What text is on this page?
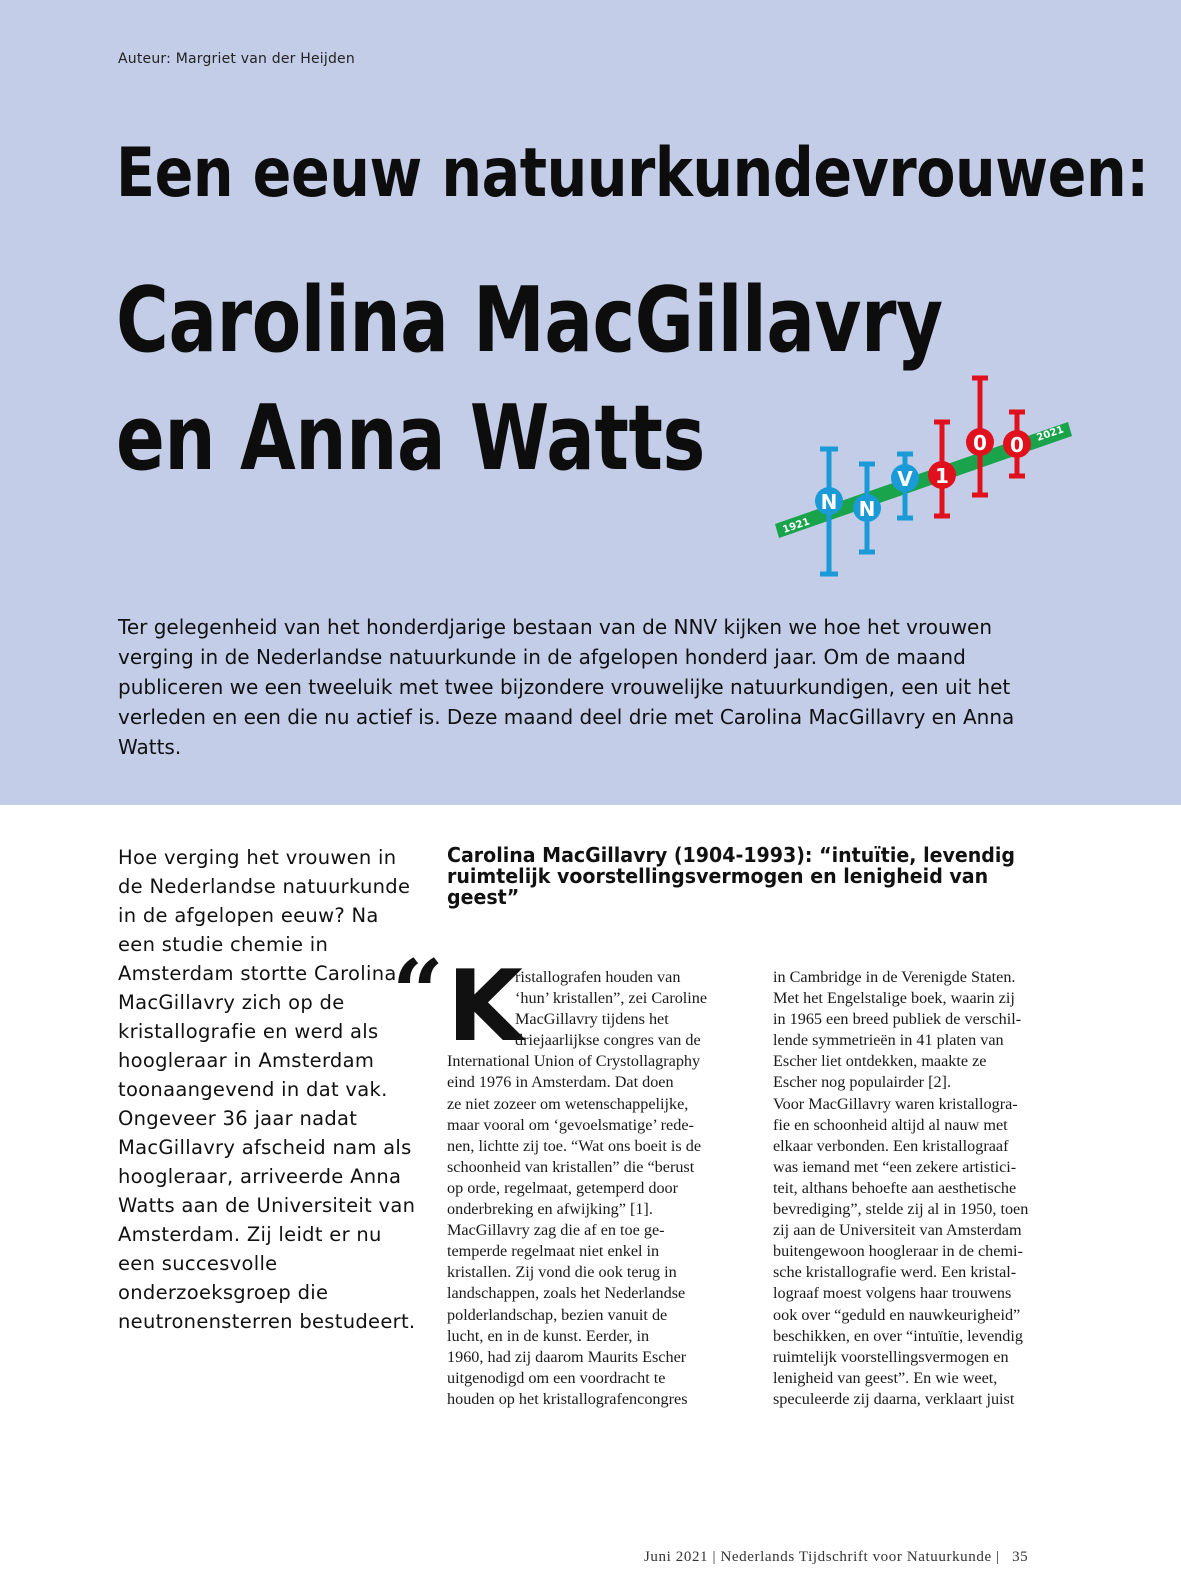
Auteur: Margriet van der Heijden
Een eeuw natuurkundevrouwen:
Carolina MacGillavry
en Anna Watts
1921
2021
N N
V 1
0 0
Ter gelegenheid van het honderdjarige bestaan van de NNV kijken we hoe het vrouwen verging in de Nederlandse natuurkunde in de afgelopen honderd jaar. Om de maand publiceren we een tweeluik met twee bijzondere vrouwelijke natuurkundigen, een uit het verleden en een die nu actief is. Deze maand deel drie met Carolina MacGillavry en Anna Watts.
Hoe verging het vrouwen in de Nederlandse natuurkunde in de afgelopen eeuw? Na een studie chemie in Amsterdam stortte Carolina MacGillavry zich op de kristallografie en werd als hoogleraar in Amsterdam toonaangevend in dat vak. Ongeveer 36 jaar nadat MacGillavry afscheid nam als hoogleraar, arriveerde Anna Watts aan de Universiteit van Amsterdam. Zij leidt er nu een succesvolle onderzoeksgroep die neutronensterren bestudeert.
Carolina MacGillavry (1904-1993): “intuïtie, levendig ruimtelijk voorstellingsvermogen en lenigheid van geest”
“ K
ristallografen houden van
‘hun’ kristallen”, zei Caroline
MacGillavry tijdens het
driejaarlijkse congres van de
International Union of Crystollagraphy
eind 1976 in Amsterdam. Dat doen
ze niet zozeer om wetenschappelijke,
maar vooral om ‘gevoelsmatige’ rede-
nen, lichtte zij toe. “Wat ons boeit is de
schoonheid van kristallen” die “berust
op orde, regelmaat, getemperd door
onderbreking en afwijking” [1].
MacGillavry zag die af en toe ge-
temperde regelmaat niet enkel in
kristallen. Zij vond die ook terug in
landschappen, zoals het Nederlandse
polderlandschap, bezien vanuit de
lucht, en in de kunst. Eerder, in
1960, had zij daarom Maurits Escher
uitgenodigd om een voordracht te
houden op het kristallografencongres
in Cambridge in de Verenigde Staten.
Met het Engelstalige boek, waarin zij
in 1965 een breed publiek de verschil-
lende symmetrieën in 41 platen van
Escher liet ontdekken, maakte ze
Escher nog populairder [2].
Voor MacGillavry waren kristallogra-
fie en schoonheid altijd al nauw met
elkaar verbonden. Een kristallograaf
was iemand met “een zekere artistici-
teit, althans behoefte aan aesthetische
bevrediging”, stelde zij al in 1950, toen
zij aan de Universiteit van Amsterdam
buitengewoon hoogleraar in de chemi-
sche kristallografie werd. Een kristal-
lograaf moest volgens haar trouwens
ook over “geduld en nauwkeurigheid”
beschikken, en over “intuïtie, levendig
ruimtelijk voorstellingsvermogen en
lenigheid van geest”. En wie weet,
speculeerde zij daarna, verklaart juist
Juni 2021 | Nederlands Tijdschrift voor Natuurkunde | 35
